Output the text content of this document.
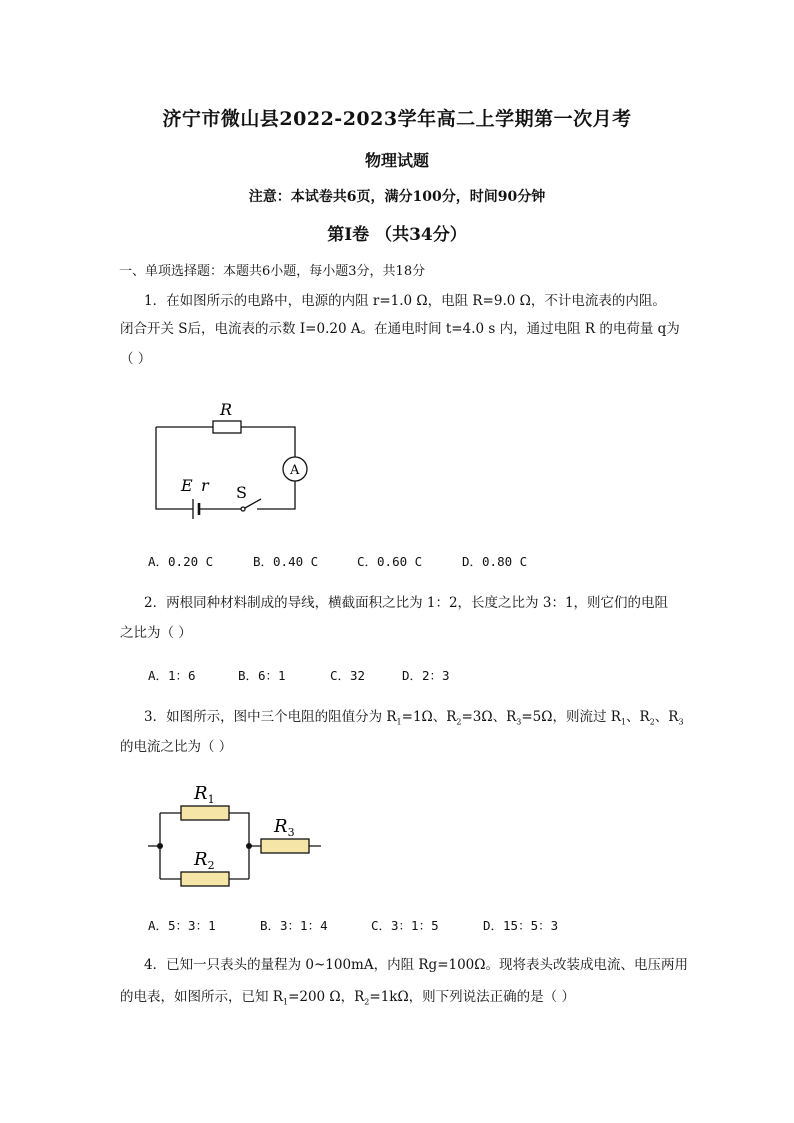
济宁市微山县2022-2023学年高二上学期第一次月考
物理试题
注意：本试卷共6页，满分100分，时间90分钟
第I卷 （共34分）
一、单项选择题：本题共6小题，每小题3分，共18分
1．在如图所示的电路中，电源的内阻 r=1.0 Ω，电阻 R=9.0 Ω，不计电流表的内阻。
闭合开关 S后，电流表的示数 I=0.20 A。在通电时间 t=4.0 s 内，通过电阻 R 的电荷量 q为
（ ）
R
A
E r S
A．0.20 C	B．0.40 C	C．0.60 C	D．0.80 C
2．两根同种材料制成的导线，横截面积之比为 1：2，长度之比为 3：1，则它们的电阻
之比为（ ）
A．1：6	B．6：1	C．32	D．2：3
3．如图所示，图中三个电阻的阻值分为 $R_1=1\Omega$、$R_2=3\Omega$、$R_3=5\Omega$，则流过 $R_1$、$R_2$、$R_3$
的电流之比为（ ）
$R_1$
$R_2$
$R_3$
A．5：3：1	B．3：1：4	C．3：1：5	D．15：5：3
4．已知一只表头的量程为 0~100mA，内阻 Rg=100Ω。现将表头改装成电流、电压两用
的电表，如图所示，已知 $R_1=200$ Ω，$R_2=1k\Omega$，则下列说法正确的是（ ）
